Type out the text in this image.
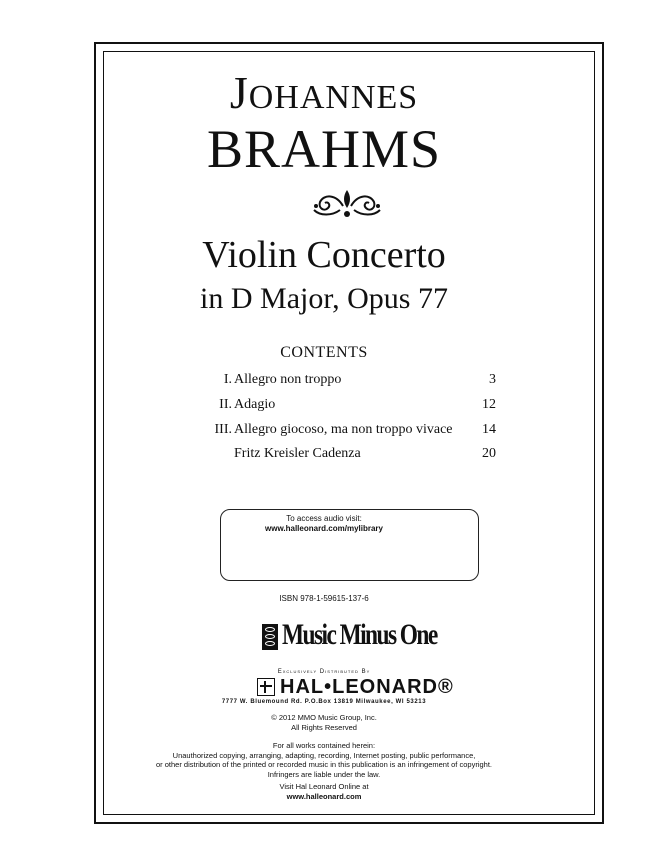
JOHANNES
BRAHMS
Violin Concerto
in D Major, Opus 77
CONTENTS
I. Allegro non troppo	3
II. Adagio	12
III. Allegro giocoso, ma non troppo vivace 14
Fritz Kreisler Cadenza	20
To access audio visit:
www.halleonard.com/mylibrary
ISBN 978-1-59615-137-6
Music Minus One
Exclusively Distributed By
HAL•LEONARD®
7777 W. Bluemound Rd. P.O.Box 13819 Milwaukee, WI 53213
© 2012 MMO Music Group, Inc.
All Rights Reserved
For all works contained herein:
Unauthorized copying, arranging, adapting, recording, Internet posting, public performance,
or other distribution of the printed or recorded music in this publication is an infringement of copyright.
Infringers are liable under the law.
Visit Hal Leonard Online at
www.halleonard.com
